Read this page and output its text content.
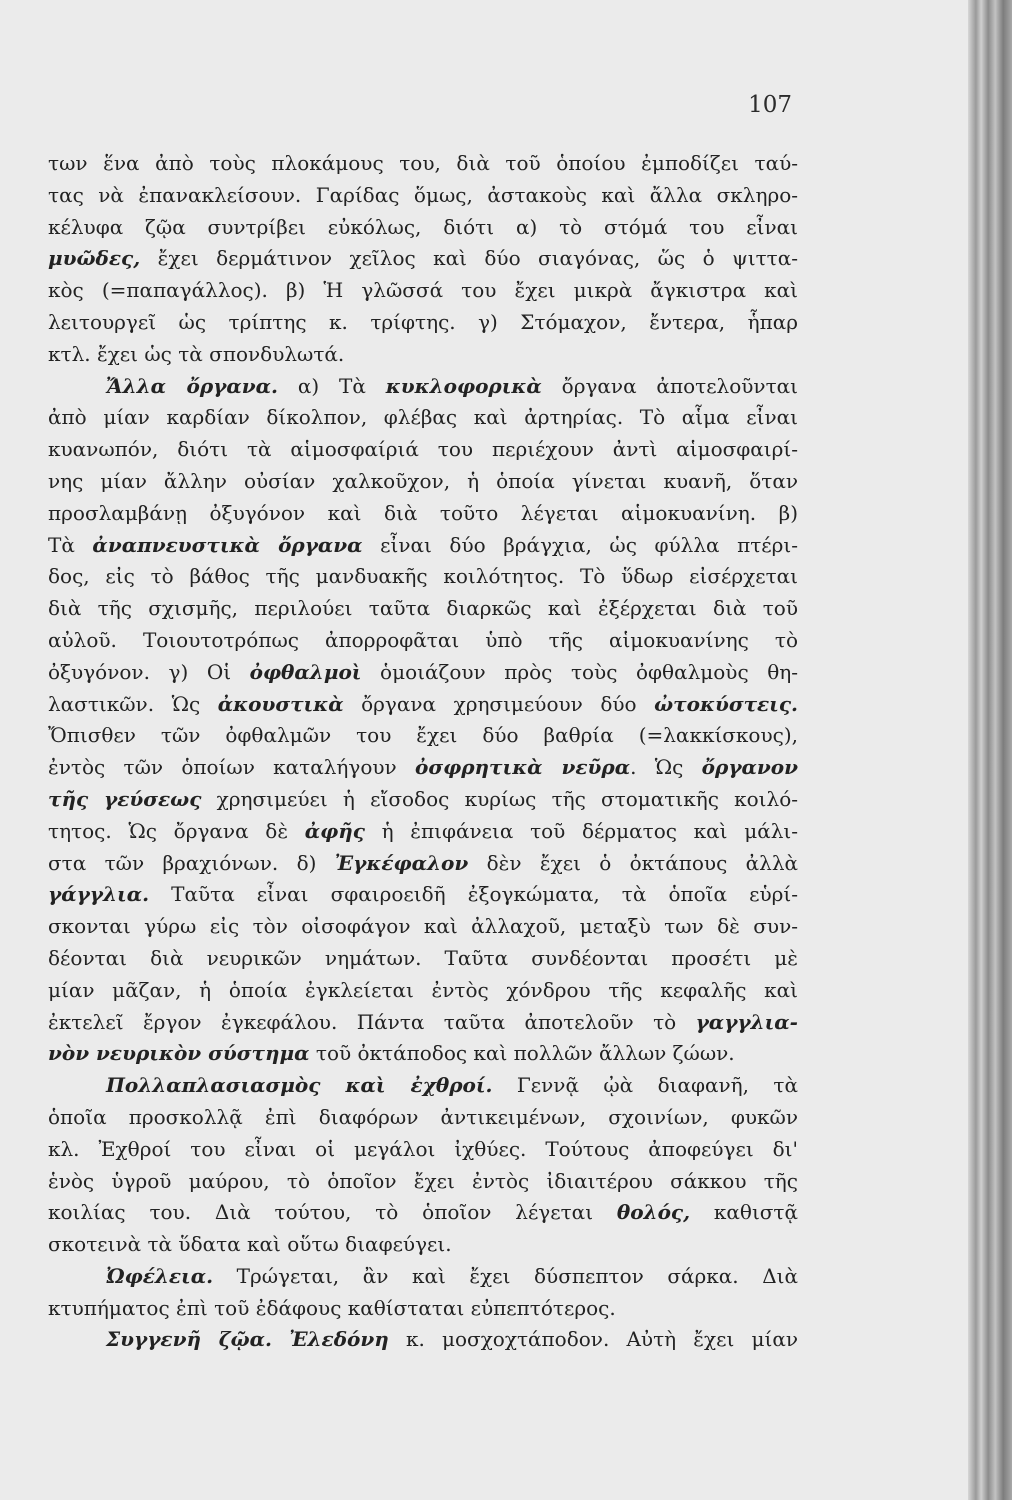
107
των ἕνα ἀπὸ τοὺς πλοκάμους του, διὰ τοῦ ὁποίου ἐμποδίζει ταύ-
τας νὰ ἐπανακλείσουν. Γαρίδας ὅμως, ἀστακοὺς καὶ ἄλλα σκληρο-
κέλυφα ζῷα συντρίβει εὐκόλως, διότι α) τὸ στόμά του εἶναι
μυῶδες, ἔχει δερμάτινον χεῖλος καὶ δύο σιαγόνας, ὥς ὁ ψιττα-
κὸς (=παπαγάλλος). β) Ἡ γλῶσσά του ἔχει μικρὰ ἄγκιστρα καὶ
λειτουργεῖ ὡς τρίπτης κ. τρίφτης. γ) Στόμαχον, ἔντερα, ἧπαρ
κτλ. ἔχει ὡς τὰ σπονδυλωτά.
Ἄλλα ὄργανα. α) Τὰ κυκλοφορικὰ ὄργανα ἀποτελοῦνται
ἀπὸ μίαν καρδίαν δίκολπον, φλέβας καὶ ἀρτηρίας. Τὸ αἷμα εἶναι
κυανωπόν, διότι τὰ αἱμοσφαίριά του περιέχουν ἀντὶ αἱμοσφαιρί-
νης μίαν ἄλλην οὐσίαν χαλκοῦχον, ἡ ὁποία γίνεται κυανῆ, ὅταν
προσλαμβάνῃ ὀξυγόνον καὶ διὰ τοῦτο λέγεται αἱμοκυανίνη. β)
Τὰ ἀναπνευστικὰ ὄργανα εἶναι δύο βράγχια, ὡς φύλλα πτέρι-
δος, εἰς τὸ βάθος τῆς μανδυακῆς κοιλότητος. Τὸ ὕδωρ εἰσέρχεται
διὰ τῆς σχισμῆς, περιλούει ταῦτα διαρκῶς καὶ ἐξέρχεται διὰ τοῦ
αὐλοῦ. Τοιουτοτρόπως ἀπορροφᾶται ὑπὸ τῆς αἱμοκυανίνης τὸ
ὀξυγόνον. γ) Οἱ ὀφθαλμοὶ ὁμοιάζουν πρὸς τοὺς ὀφθαλμοὺς θη-
λαστικῶν. Ὡς ἀκουστικὰ ὄργανα χρησιμεύουν δύο ὠτοκύστεις.
Ὄπισθεν τῶν ὀφθαλμῶν του ἔχει δύο βαθρία (=λακκίσκους),
ἐντὸς τῶν ὁποίων καταλήγουν ὀσφρητικὰ νεῦρα. Ὡς ὄργανον
τῆς γεύσεως χρησιμεύει ἡ εἴσοδος κυρίως τῆς στοματικῆς κοιλό-
τητος. Ὡς ὄργανα δὲ ἀφῆς ἡ ἐπιφάνεια τοῦ δέρματος καὶ μάλι-
στα τῶν βραχιόνων. δ) Ἐγκέφαλον δὲν ἔχει ὁ ὀκτάπους ἀλλὰ
γάγγλια. Ταῦτα εἶναι σφαιροειδῆ ἐξογκώματα, τὰ ὁποῖα εὑρί-
σκονται γύρω εἰς τὸν οἰσοφάγον καὶ ἀλλαχοῦ, μεταξὺ των δὲ συν-
δέονται διὰ νευρικῶν νημάτων. Ταῦτα συνδέονται προσέτι μὲ
μίαν μᾶζαν, ἡ ὁποία ἐγκλείεται ἐντὸς χόνδρου τῆς κεφαλῆς καὶ
ἐκτελεῖ ἔργον ἐγκεφάλου. Πάντα ταῦτα ἀποτελοῦν τὸ γαγγλια-
νὸν νευρικὸν σύστημα τοῦ ὀκτάποδος καὶ πολλῶν ἄλλων ζώων.
Πολλαπλασιασμὸς καὶ ἐχθροί. Γεννᾷ ᾠὰ διαφανῆ, τὰ
ὁποῖα προσκολλᾷ ἐπὶ διαφόρων ἀντικειμένων, σχοινίων, φυκῶν
κλ. Ἐχθροί του εἶναι οἱ μεγάλοι ἰχθύες. Τούτους ἀποφεύγει δι'
ἑνὸς ὑγροῦ μαύρου, τὸ ὁποῖον ἔχει ἐντὸς ἰδιαιτέρου σάκκου τῆς
κοιλίας του. Διὰ τούτου, τὸ ὁποῖον λέγεται θολός, καθιστᾷ
σκοτεινὰ τὰ ὕδατα καὶ οὕτω διαφεύγει.
Ὠφέλεια. Τρώγεται, ἂν καὶ ἔχει δύσπεπτον σάρκα. Διὰ
κτυπήματος ἐπὶ τοῦ ἐδάφους καθίσταται εὐπεπτότερος.
Συγγενῆ ζῷα. Ἐλεδόνη κ. μοσχοχτάποδον. Αὐτὴ ἔχει μίαν
